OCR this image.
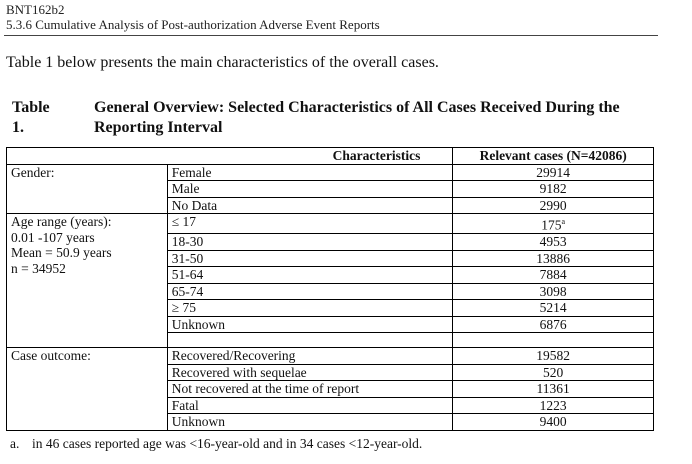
BNT162b2
5.3.6 Cumulative Analysis of Post-authorization Adverse Event Reports
Table 1 below presents the main characteristics of the overall cases.
Table 1.
General Overview: Selected Characteristics of All Cases Received During the Reporting Interval
Characteristics		Relevant cases (N=42086)
Gender:	Female	29914
	Male	9182
	No Data	2990

Age range (years):
0.01 -107 years
Mean = 50.9 years
n = 34952	≤ 17	175$^a$
	18-30	4953
	31-50	13886
	51-64	7884
	65-74	3098
	≥ 75	5214
	Unknown	6876

Case outcome:	Recovered/Recovering	19582
	Recovered with sequelae	520
	Not recovered at the time of report	11361
	Fatal	1223
	Unknown	9400
a. in 46 cases reported age was <16-year-old and in 34 cases <12-year-old.
